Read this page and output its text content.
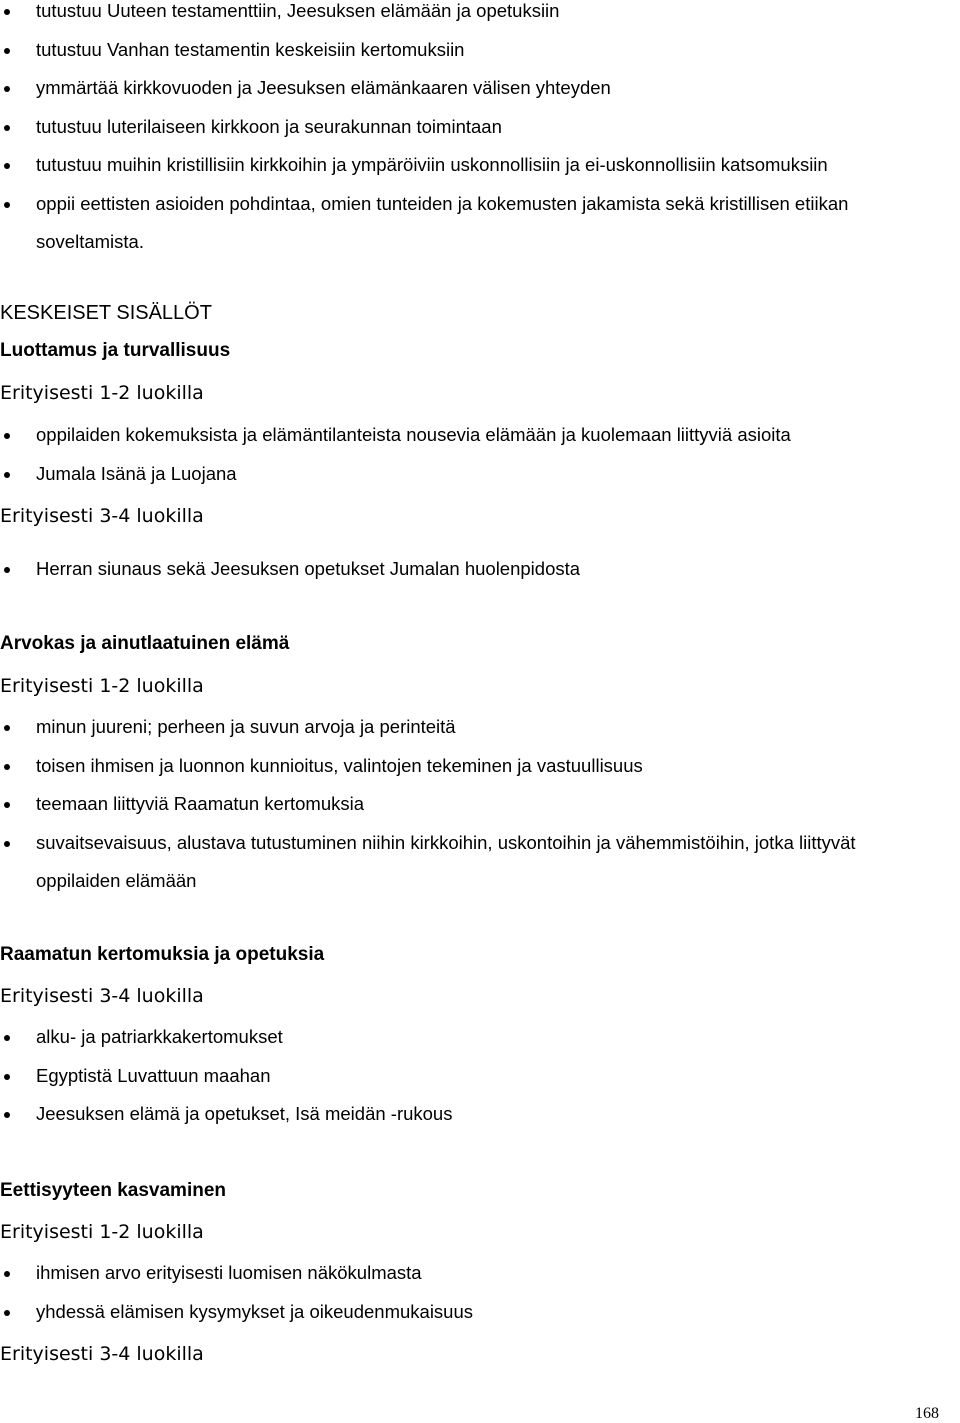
tutustuu Uuteen testamenttiin, Jeesuksen elämään ja opetuksiin
tutustuu Vanhan testamentin keskeisiin kertomuksiin
ymmärtää kirkkovuoden ja Jeesuksen elämänkaaren välisen yhteyden
tutustuu luterilaiseen kirkkoon ja seurakunnan toimintaan
tutustuu muihin kristillisiin kirkkoihin ja ympäröiviin uskonnollisiin ja ei-uskonnollisiin katsomuksiin
oppii eettisten asioiden pohdintaa, omien tunteiden ja kokemusten jakamista sekä kristillisen etiikan soveltamista.
KESKEISET SISÄLLÖT
Luottamus ja turvallisuus
Erityisesti 1-2 luokilla
oppilaiden kokemuksista ja elämäntilanteista nousevia elämään ja kuolemaan liittyviä asioita
Jumala Isänä ja Luojana
Erityisesti 3-4 luokilla
Herran siunaus sekä Jeesuksen opetukset Jumalan huolenpidosta
Arvokas ja ainutlaatuinen elämä
Erityisesti 1-2 luokilla
minun juureni; perheen ja suvun arvoja ja perinteitä
toisen ihmisen ja luonnon kunnioitus, valintojen tekeminen ja vastuullisuus
teemaan liittyviä Raamatun kertomuksia
suvaitsevaisuus, alustava tutustuminen niihin kirkkoihin, uskontoihin ja vähemmistöihin, jotka liittyvät oppilaiden elämään
Raamatun kertomuksia ja opetuksia
Erityisesti 3-4 luokilla
alku- ja patriarkkakertomukset
Egyptistä Luvattuun maahan
Jeesuksen elämä ja opetukset, Isä meidän -rukous
Eettisyyteen kasvaminen
Erityisesti 1-2 luokilla
ihmisen arvo erityisesti luomisen näkökulmasta
yhdessä elämisen kysymykset ja oikeudenmukaisuus
Erityisesti 3-4 luokilla
168
